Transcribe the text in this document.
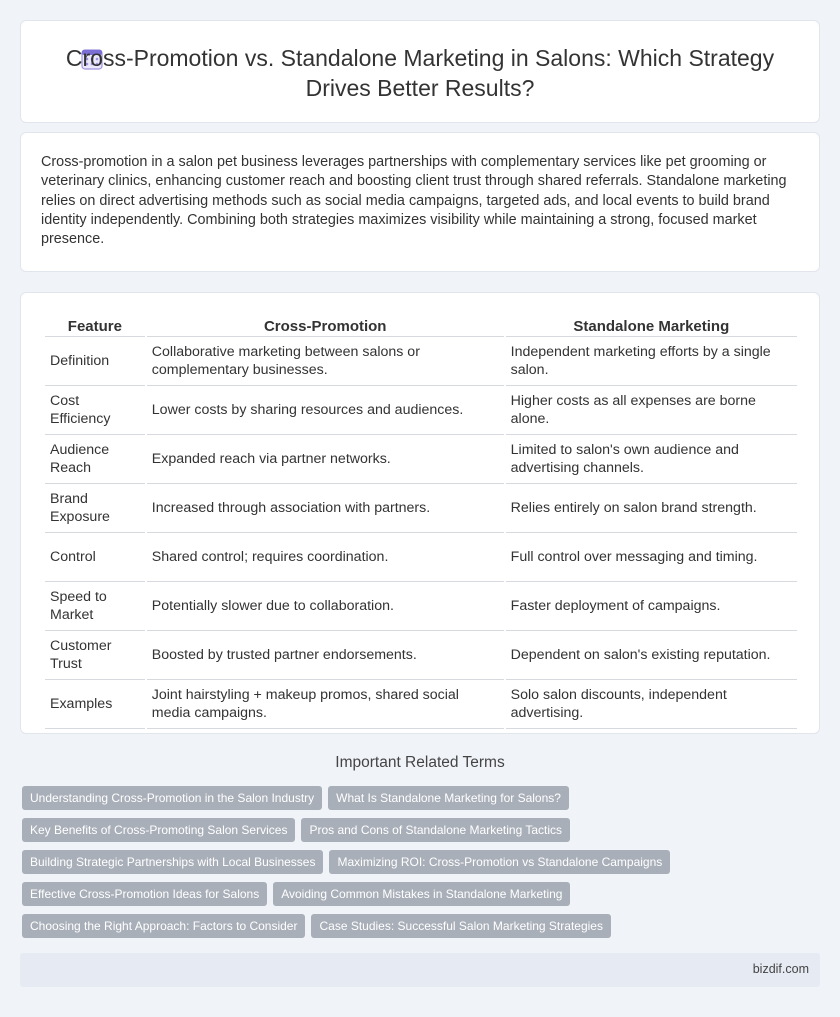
Cross-Promotion vs. Standalone Marketing in Salons: Which Strategy Drives Better Results?

Cross-promotion in a salon pet business leverages partnerships with complementary services like pet grooming or veterinary clinics, enhancing customer reach and boosting client trust through shared referrals. Standalone marketing relies on direct advertising methods such as social media campaigns, targeted ads, and local events to build brand identity independently. Combining both strategies maximizes visibility while maintaining a strong, focused market presence.

Feature	Cross-Promotion	Standalone Marketing
Definition	Collaborative marketing between salons or complementary businesses.	Independent marketing efforts by a single salon.
Cost Efficiency	Lower costs by sharing resources and audiences.	Higher costs as all expenses are borne alone.
Audience Reach	Expanded reach via partner networks.	Limited to salon's own audience and advertising channels.
Brand Exposure	Increased through association with partners.	Relies entirely on salon brand strength.
Control	Shared control; requires coordination.	Full control over messaging and timing.
Speed to Market	Potentially slower due to collaboration.	Faster deployment of campaigns.
Customer Trust	Boosted by trusted partner endorsements.	Dependent on salon's existing reputation.
Examples	Joint hairstyling + makeup promos, shared social media campaigns.	Solo salon discounts, independent advertising.
Important Related Terms
Understanding Cross-Promotion in the Salon Industry What Is Standalone Marketing for Salons?
Key Benefits of Cross-Promoting Salon Services Pros and Cons of Standalone Marketing Tactics
Building Strategic Partnerships with Local Businesses Maximizing ROI: Cross-Promotion vs Standalone Campaigns
Effective Cross-Promotion Ideas for Salons Avoiding Common Mistakes in Standalone Marketing
Choosing the Right Approach: Factors to Consider Case Studies: Successful Salon Marketing Strategies
bizdif.com
